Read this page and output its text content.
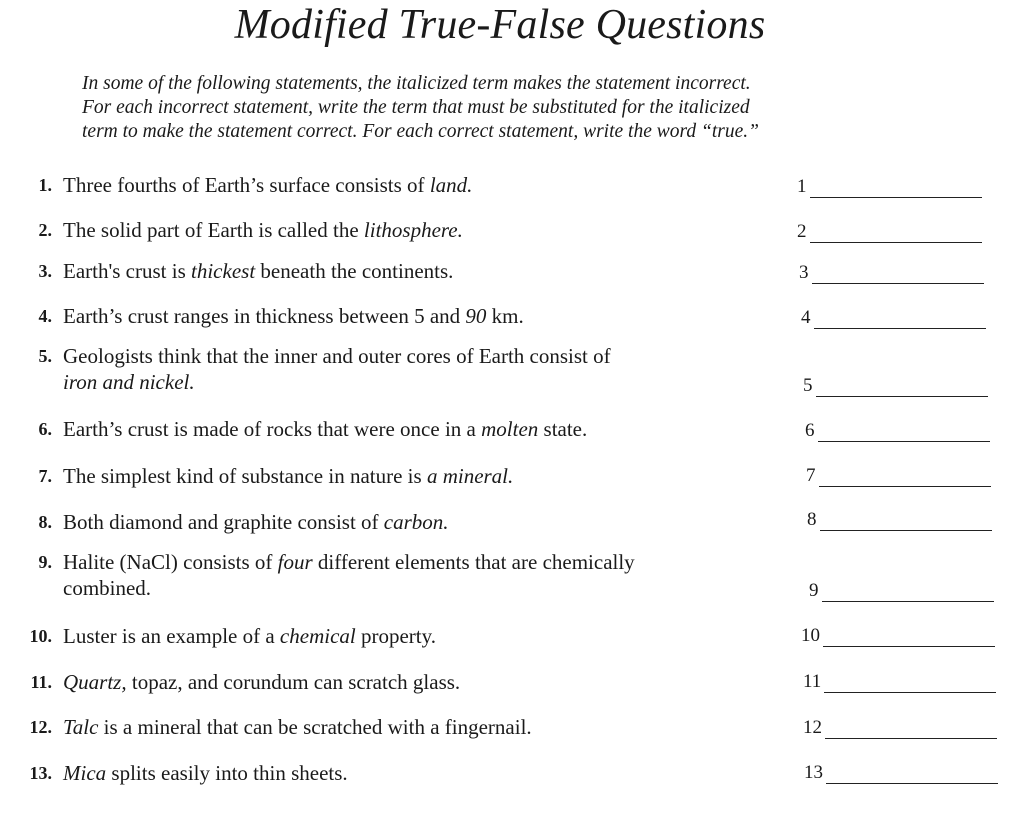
Modified True-False Questions
In some of the following statements, the italicized term makes the statement incorrect.
For each incorrect statement, write the term that must be substituted for the italicized
term to make the statement correct. For each correct statement, write the word “true.”
1. Three fourths of Earth’s surface consists of land.	1
2. The solid part of Earth is called the lithosphere.	2
3. Earth's crust is thickest beneath the continents.	3
4. Earth’s crust ranges in thickness between 5 and 90 km.	4
5. Geologists think that the inner and outer cores of Earth consist of
iron and nickel.	5
6. Earth’s crust is made of rocks that were once in a molten state.	6
7. The simplest kind of substance in nature is a mineral.	7
8. Both diamond and graphite consist of carbon.	8
9. Halite (NaCl) consists of four different elements that are chemically
combined.	9
10. Luster is an example of a chemical property.	10
11. Quartz, topaz, and corundum can scratch glass.	11
12. Talc is a mineral that can be scratched with a fingernail.	12
13. Mica splits easily into thin sheets.	13
